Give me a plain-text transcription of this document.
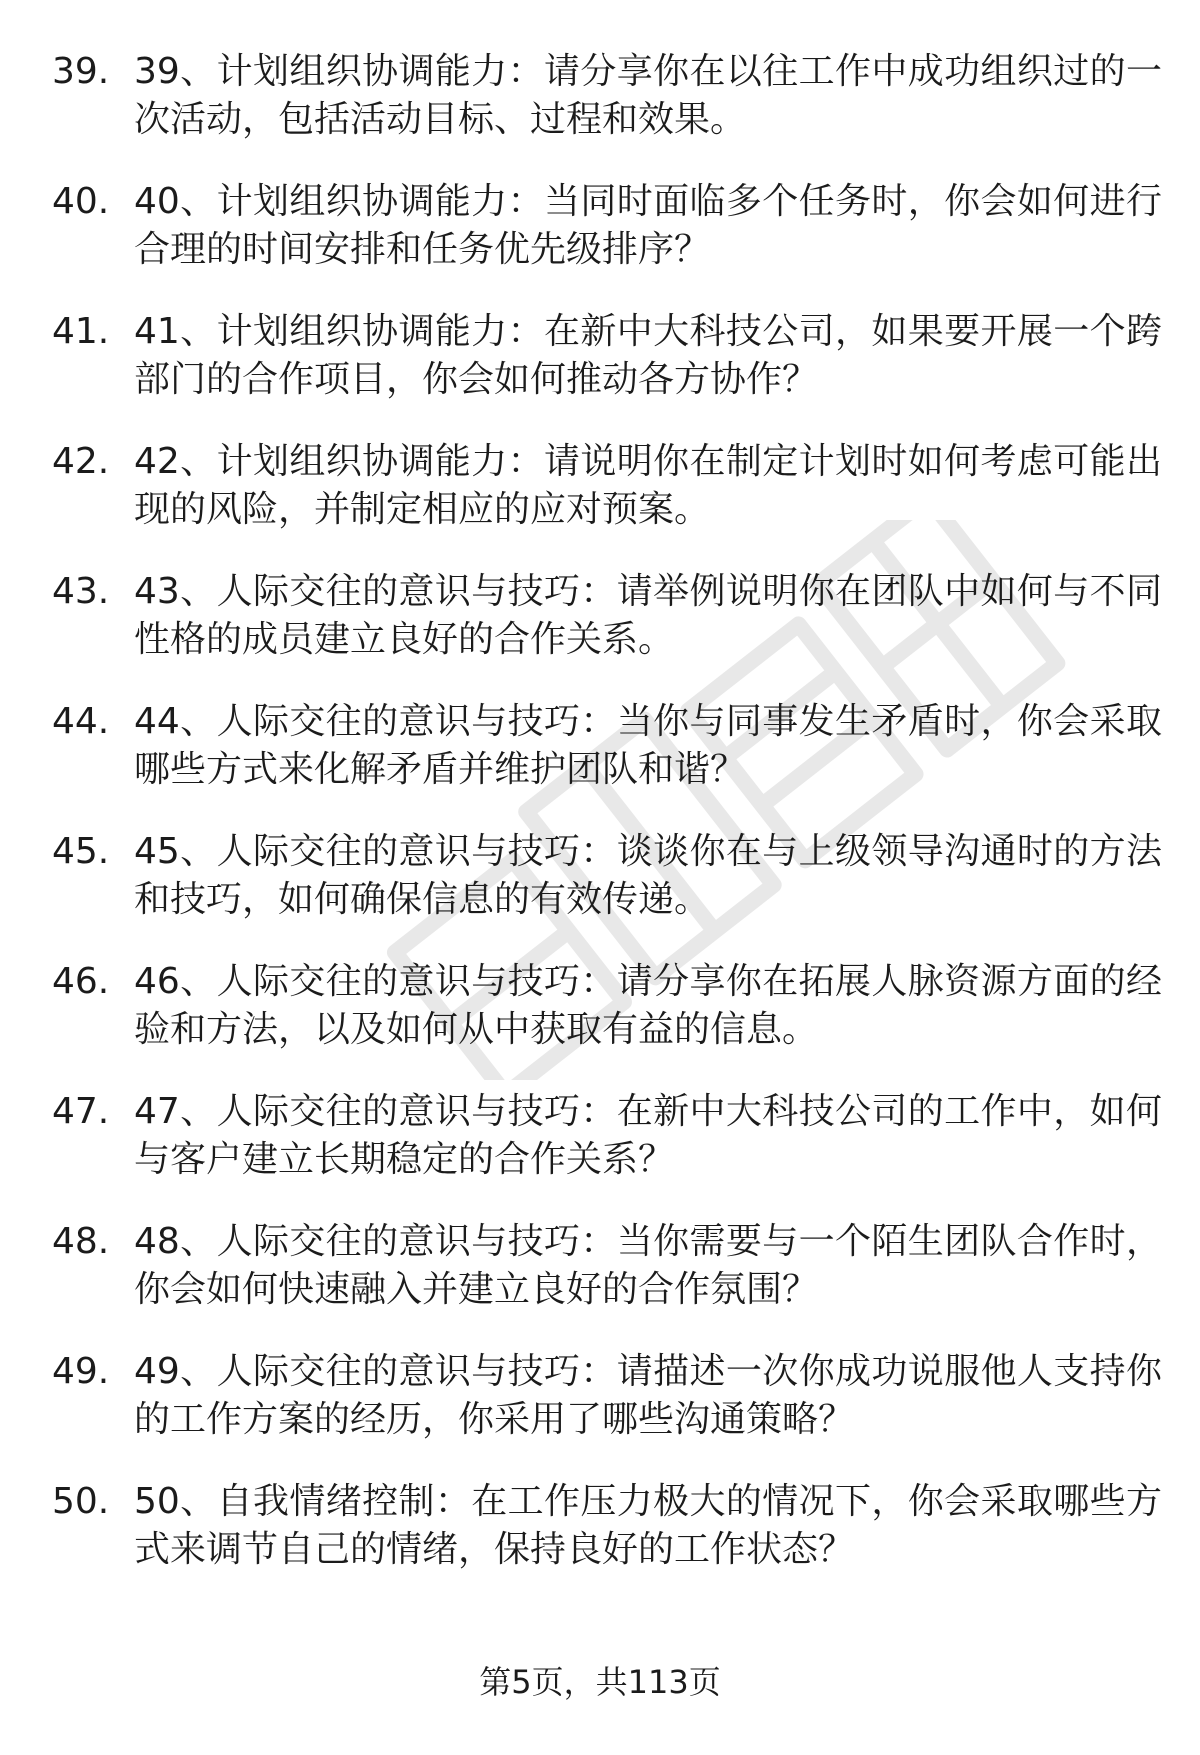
39. 39、计划组织协调能力：请分享你在以往工作中成功组织过的一次活动，包括活动目标、过程和效果。
40. 40、计划组织协调能力：当同时面临多个任务时，你会如何进行合理的时间安排和任务优先级排序？
41. 41、计划组织协调能力：在新中大科技公司，如果要开展一个跨部门的合作项目，你会如何推动各方协作？
42. 42、计划组织协调能力：请说明你在制定计划时如何考虑可能出现的风险，并制定相应的应对预案。
43. 43、人际交往的意识与技巧：请举例说明你在团队中如何与不同性格的成员建立良好的合作关系。
44. 44、人际交往的意识与技巧：当你与同事发生矛盾时，你会采取哪些方式来化解矛盾并维护团队和谐？
45. 45、人际交往的意识与技巧：谈谈你在与上级领导沟通时的方法和技巧，如何确保信息的有效传递。
46. 46、人际交往的意识与技巧：请分享你在拓展人脉资源方面的经验和方法，以及如何从中获取有益的信息。
47. 47、人际交往的意识与技巧：在新中大科技公司的工作中，如何与客户建立长期稳定的合作关系？
48. 48、人际交往的意识与技巧：当你需要与一个陌生团队合作时，你会如何快速融入并建立良好的合作氛围？
49. 49、人际交往的意识与技巧：请描述一次你成功说服他人支持你的工作方案的经历，你采用了哪些沟通策略？
50. 50、自我情绪控制：在工作压力极大的情况下，你会采取哪些方式来调节自己的情绪，保持良好的工作状态？
第5页，共113页
